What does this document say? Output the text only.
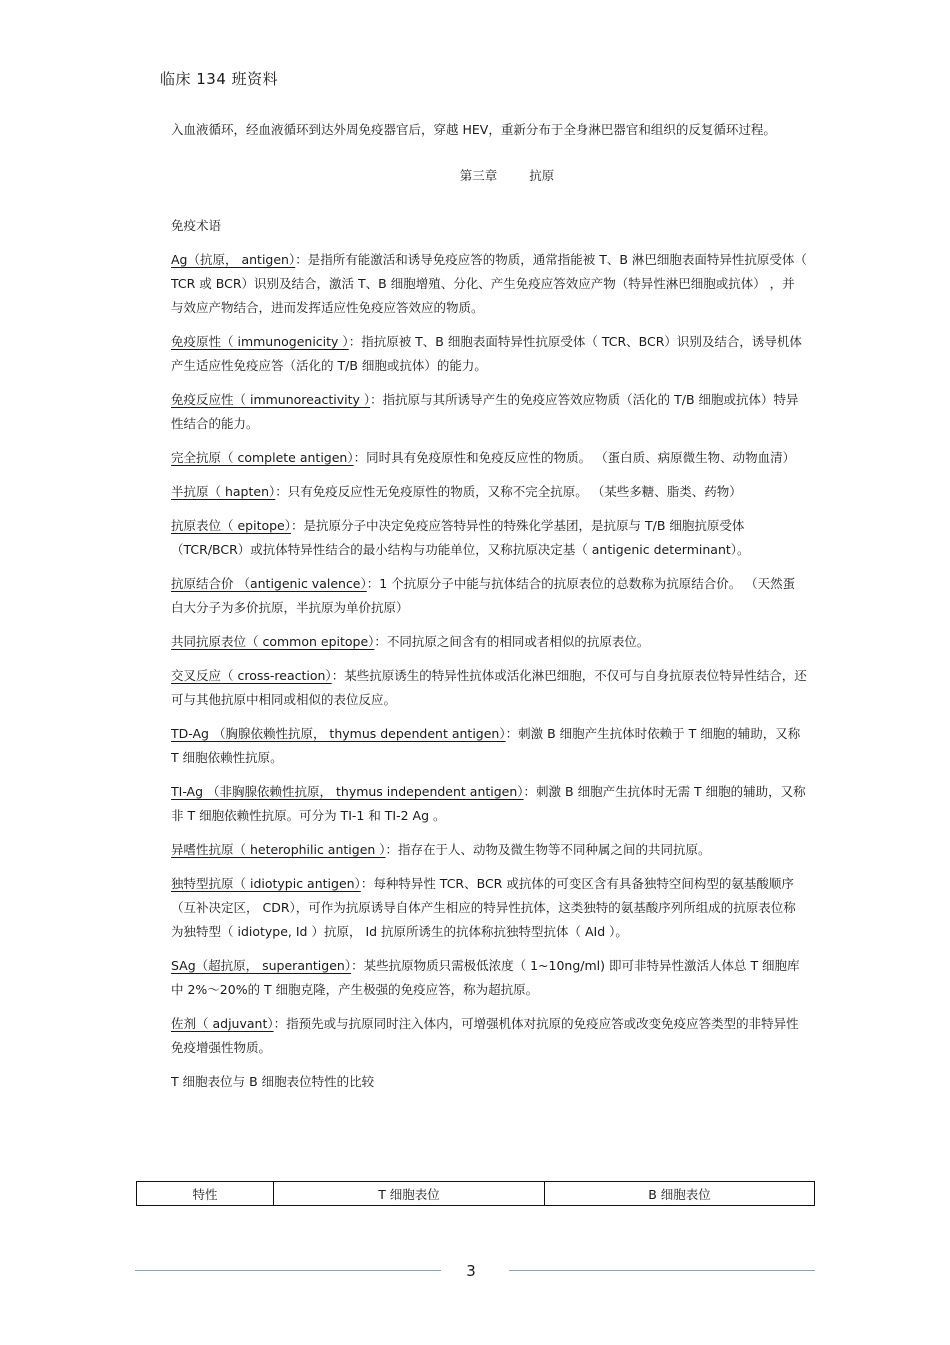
临床 134 班资料

入血液循环，经血液循环到达外周免疫器官后，穿越 HEV，重新分布于全身淋巴器官和组织的反复循环过程。

第三章	抗原

免疫术语

Ag（抗原， antigen）：是指所有能激活和诱导免疫应答的物质，通常指能被 T、B 淋巴细胞表面特异性抗原受体（ TCR 或 BCR）识别及结合，激活 T、B 细胞增殖、分化、产生免疫应答效应产物（特异性淋巴细胞或抗体） ，并与效应产物结合，进而发挥适应性免疫应答效应的物质。

免疫原性（ immunogenicity ）：指抗原被 T、B 细胞表面特异性抗原受体（ TCR、BCR）识别及结合，诱导机体产生适应性免疫应答（活化的 T/B 细胞或抗体）的能力。

免疫反应性（ immunoreactivity ）：指抗原与其所诱导产生的免疫应答效应物质（活化的 T/B 细胞或抗体）特异性结合的能力。

完全抗原（ complete antigen）：同时具有免疫原性和免疫反应性的物质。 （蛋白质、病原微生物、动物血清）

半抗原（ hapten）：只有免疫反应性无免疫原性的物质，又称不完全抗原。 （某些多糖、脂类、药物）

抗原表位（ epitope）：是抗原分子中决定免疫应答特异性的特殊化学基团，是抗原与 T/B 细胞抗原受体（TCR/BCR）或抗体特异性结合的最小结构与功能单位，又称抗原决定基（ antigenic determinant）。

抗原结合价 （antigenic valence）：1 个抗原分子中能与抗体结合的抗原表位的总数称为抗原结合价。 （天然蛋白大分子为多价抗原，半抗原为单价抗原）

共同抗原表位（ common epitope）：不同抗原之间含有的相同或者相似的抗原表位。

交叉反应（ cross-reaction）：某些抗原诱生的特异性抗体或活化淋巴细胞，不仅可与自身抗原表位特异性结合，还可与其他抗原中相同或相似的表位反应。

TD-Ag （胸腺依赖性抗原， thymus dependent antigen）：刺激 B 细胞产生抗体时依赖于 T 细胞的辅助，又称 T 细胞依赖性抗原。

TI-Ag （非胸腺依赖性抗原， thymus independent antigen）：刺激 B 细胞产生抗体时无需 T 细胞的辅助，又称非 T 细胞依赖性抗原。可分为 TI-1 和 TI-2 Ag 。

异嗜性抗原（ heterophilic antigen ）：指存在于人、动物及微生物等不同种属之间的共同抗原。

独特型抗原（ idiotypic antigen）：每种特异性 TCR、BCR 或抗体的可变区含有具备独特空间构型的氨基酸顺序（互补决定区， CDR），可作为抗原诱导自体产生相应的特异性抗体，这类独特的氨基酸序列所组成的抗原表位称为独特型（ idiotype, Id ）抗原， Id 抗原所诱生的抗体称抗独特型抗体（ AId ）。

SAg（超抗原， superantigen）：某些抗原物质只需极低浓度（ 1~10ng/ml) 即可非特异性激活人体总 T 细胞库中 2%～20%的 T 细胞克隆，产生极强的免疫应答，称为超抗原。

佐剂（ adjuvant）：指预先或与抗原同时注入体内，可增强机体对抗原的免疫应答或改变免疫应答类型的非特异性免疫增强性物质。

T 细胞表位与 B 细胞表位特性的比较

特性	T 细胞表位	B 细胞表位
3
